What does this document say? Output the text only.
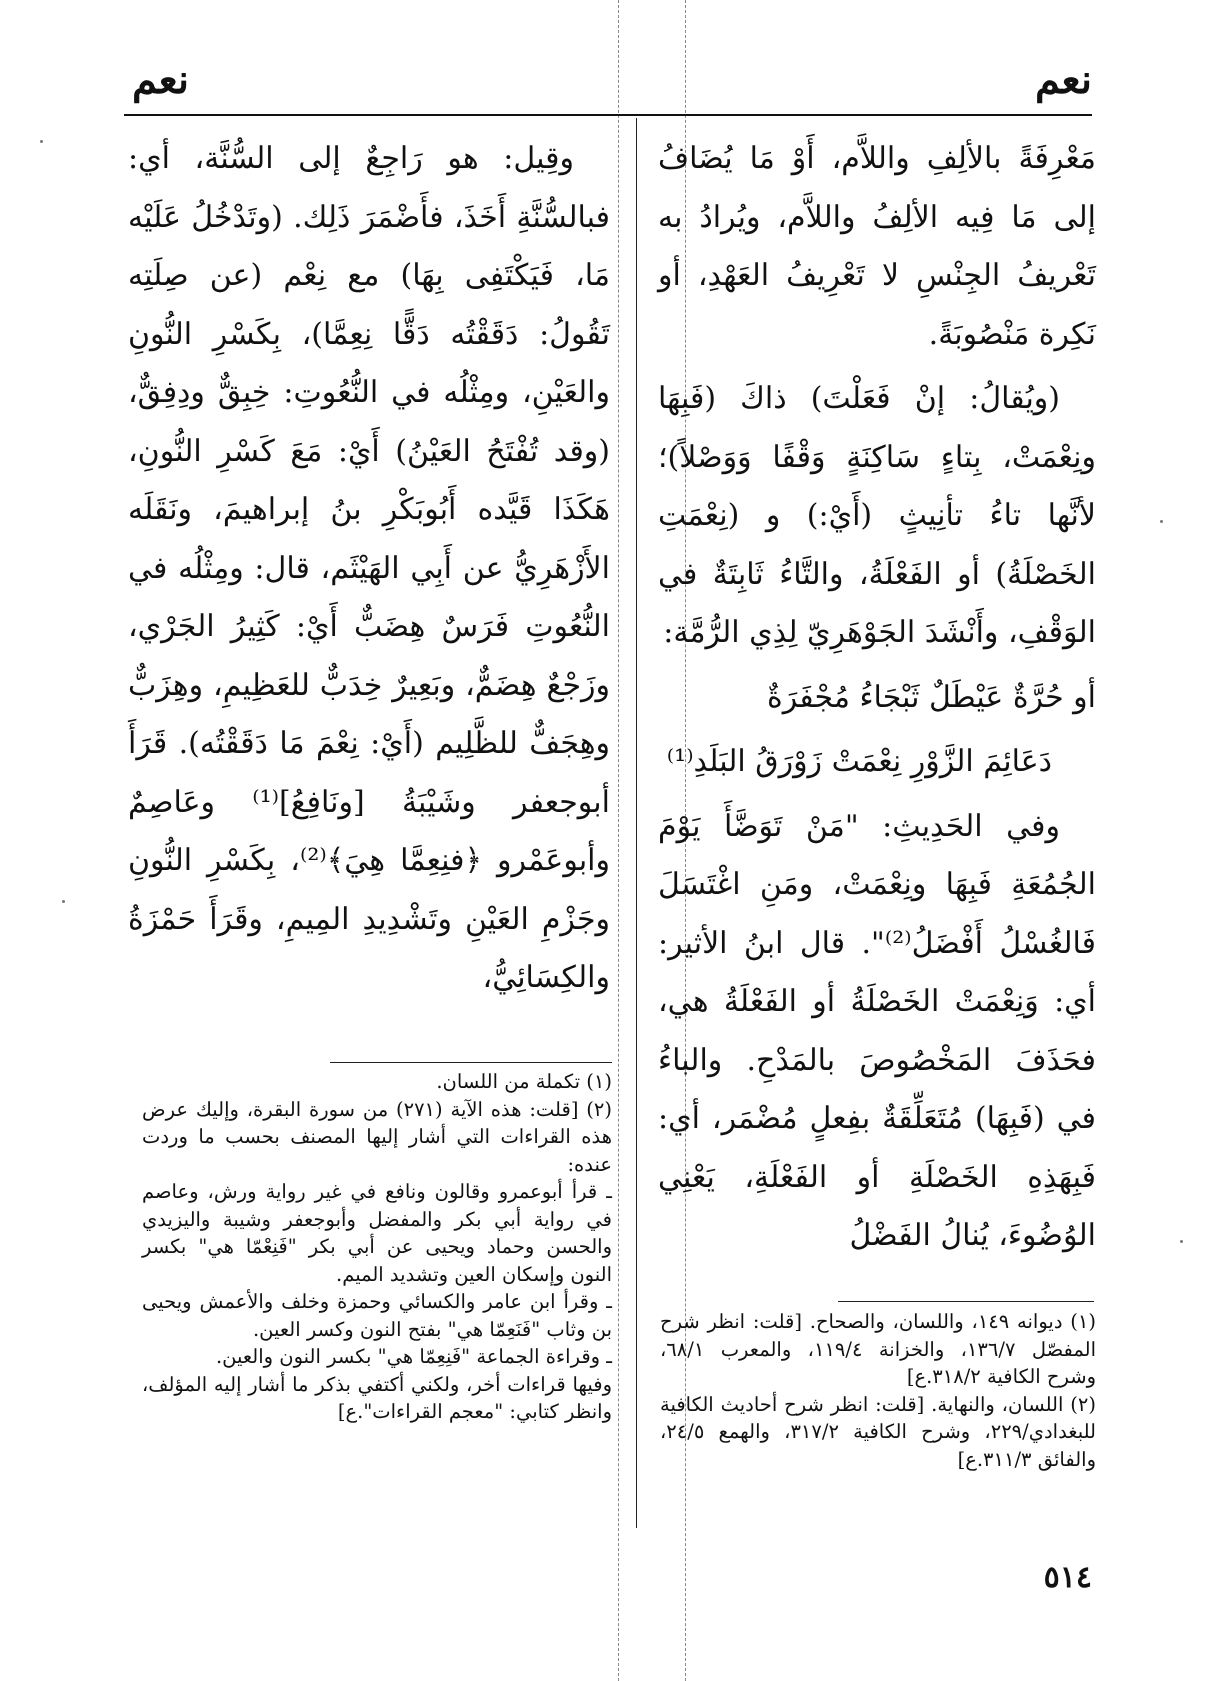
نعم
نعم

مَعْرِفَةً بالألِفِ واللاَّم، أَوْ مَا يُضَافُ إلى مَا فِيه الألِفُ واللاَّم، ويُرادُ به تَعْريفُ الجِنْسِ لا تَعْرِيفُ العَهْدِ، أو نَكِرة مَنْصُوبَةً.

(ويُقالُ: إنْ فَعَلْتَ) ذاكَ (فَبِهَا ونِعْمَتْ، بِتاءٍ سَاكِنَةٍ وَقْفًا وَوَصْلاً)؛ لأنَّها تاءُ تأنِيثٍ (أَيْ:) و (نِعْمَتِ الخَصْلَةُ) أو الفَعْلَةُ، والتَّاءُ ثَابِتَةٌ في الوَقْفِ، وأَنْشَدَ الجَوْهَرِيّ لِذِي الرُّمَّة:

أو حُرَّةٌ عَيْطَلٌ ثَبْجَاءُ مُجْفَرَةٌ

دَعَائِمَ الزَّوْرِ نِعْمَتْ زَوْرَقُ البَلَدِ⁽¹⁾

وفي الحَدِيثِ: "مَنْ تَوَضَّأَ يَوْمَ الجُمُعَةِ فَبِهَا ونِعْمَتْ، ومَنِ اغْتَسَلَ فَالغُسْلُ أَفْضَلُ⁽²⁾". قال ابنُ الأثير: أي: وَنِعْمَتْ الخَصْلَةُ أو الفَعْلَةُ هي، فحَذَفَ المَخْصُوصَ بالمَدْحِ. والباءُ في (فَبِهَا) مُتَعَلِّقَةٌ بفِعلٍ مُضْمَر، أي: فَبِهَذِهِ الخَصْلَةِ أو الفَعْلَةِ، يَعْنِي الوُضُوءَ، يُنالُ الفَضْلُ

(١) ديوانه ١٤٩، واللسان، والصحاح. [قلت: انظر شرح المفصّل ١٣٦/٧، والخزانة ١١٩/٤، والمعرب ٦٨/١، وشرح الكافية ٣١٨/٢.ع]

(٢) اللسان، والنهاية. [قلت: انظر شرح أحاديث الكافية للبغدادي/٢٢٩، وشرح الكافية ٣١٧/٢، والهمع ٢٤/٥، والفائق ٣١١/٣.ع]

وقِيل: هو رَاجِعٌ إلى السُّنَّة، أي: فبالسُّنَّةِ أَخَذَ، فأَضْمَرَ ذَلِك. (وتَدْخُلُ عَلَيْه مَا، فَيَكْتَفِى بِهَا) مع نِعْم (عن صِلَتِه تَقُولُ: دَقَقْتُه دَقًّا نِعِمَّا)، بِكَسْرِ النُّونِ والعَيْنِ، ومِثْلُه في النُّعُوتِ: خِبِقٌّ ودِفِقٌّ، (وقد تُفْتَحُ العَيْنُ) أَيْ: مَعَ كَسْرِ النُّونِ، هَكَذَا قَيَّده أَبُوبَكْرِ بنُ إبراهيمَ، ونَقَلَه الأَزْهَرِيُّ عن أَبِي الهَيْثَم، قال: ومِثْلُه في النُّعُوتِ فَرَسٌ هِضَبٌّ أَيْ: كَثِيرُ الجَرْي، وزَجْعٌ هِضَمٌّ، وبَعِيرٌ خِدَبٌّ للعَظِيمِ، وهِزَبٌّ وهِجَفٌّ للظَّلِيم (أَيْ: نِعْمَ مَا دَقَقْتُه). قَرَأَ أبوجعفر وشَيْبَةُ [ونَافِعُ]⁽¹⁾ وعَاصِمٌ وأبوعَمْرو ﴿فنِعِمَّا هِيَ﴾⁽²⁾، بِكَسْرِ النُّونِ وجَزْمِ العَيْنِ وتَشْدِيدِ المِيمِ، وقَرَأَ حَمْزَةُ والكِسَائِيُّ،

(١) تكملة من اللسان.

(٢) [قلت: هذه الآية (٢٧١) من سورة البقرة، وإليك عرض هذه القراءات التي أشار إليها المصنف بحسب ما وردت عنده:

ـ قرأ أبوعمرو وقالون ونافع في غير رواية ورش، وعاصم في رواية أبي بكر والمفضل وأبوجعفر وشيبة واليزيدي والحسن وحماد ويحيى عن أبي بكر "فَنِعْمّا هي" بكسر النون وإسكان العين وتشديد الميم.

ـ وقرأ ابن عامر والكسائي وحمزة وخلف والأعمش ويحيى بن وثاب "فَنَعِمّا هي" بفتح النون وكسر العين.

ـ وقراءة الجماعة "فَنِعِمّا هي" بكسر النون والعين.

وفيها قراءات أخر، ولكني أكتفي بذكر ما أشار إليه المؤلف، وانظر كتابي: "معجم القراءات".ع]

٥١٤
